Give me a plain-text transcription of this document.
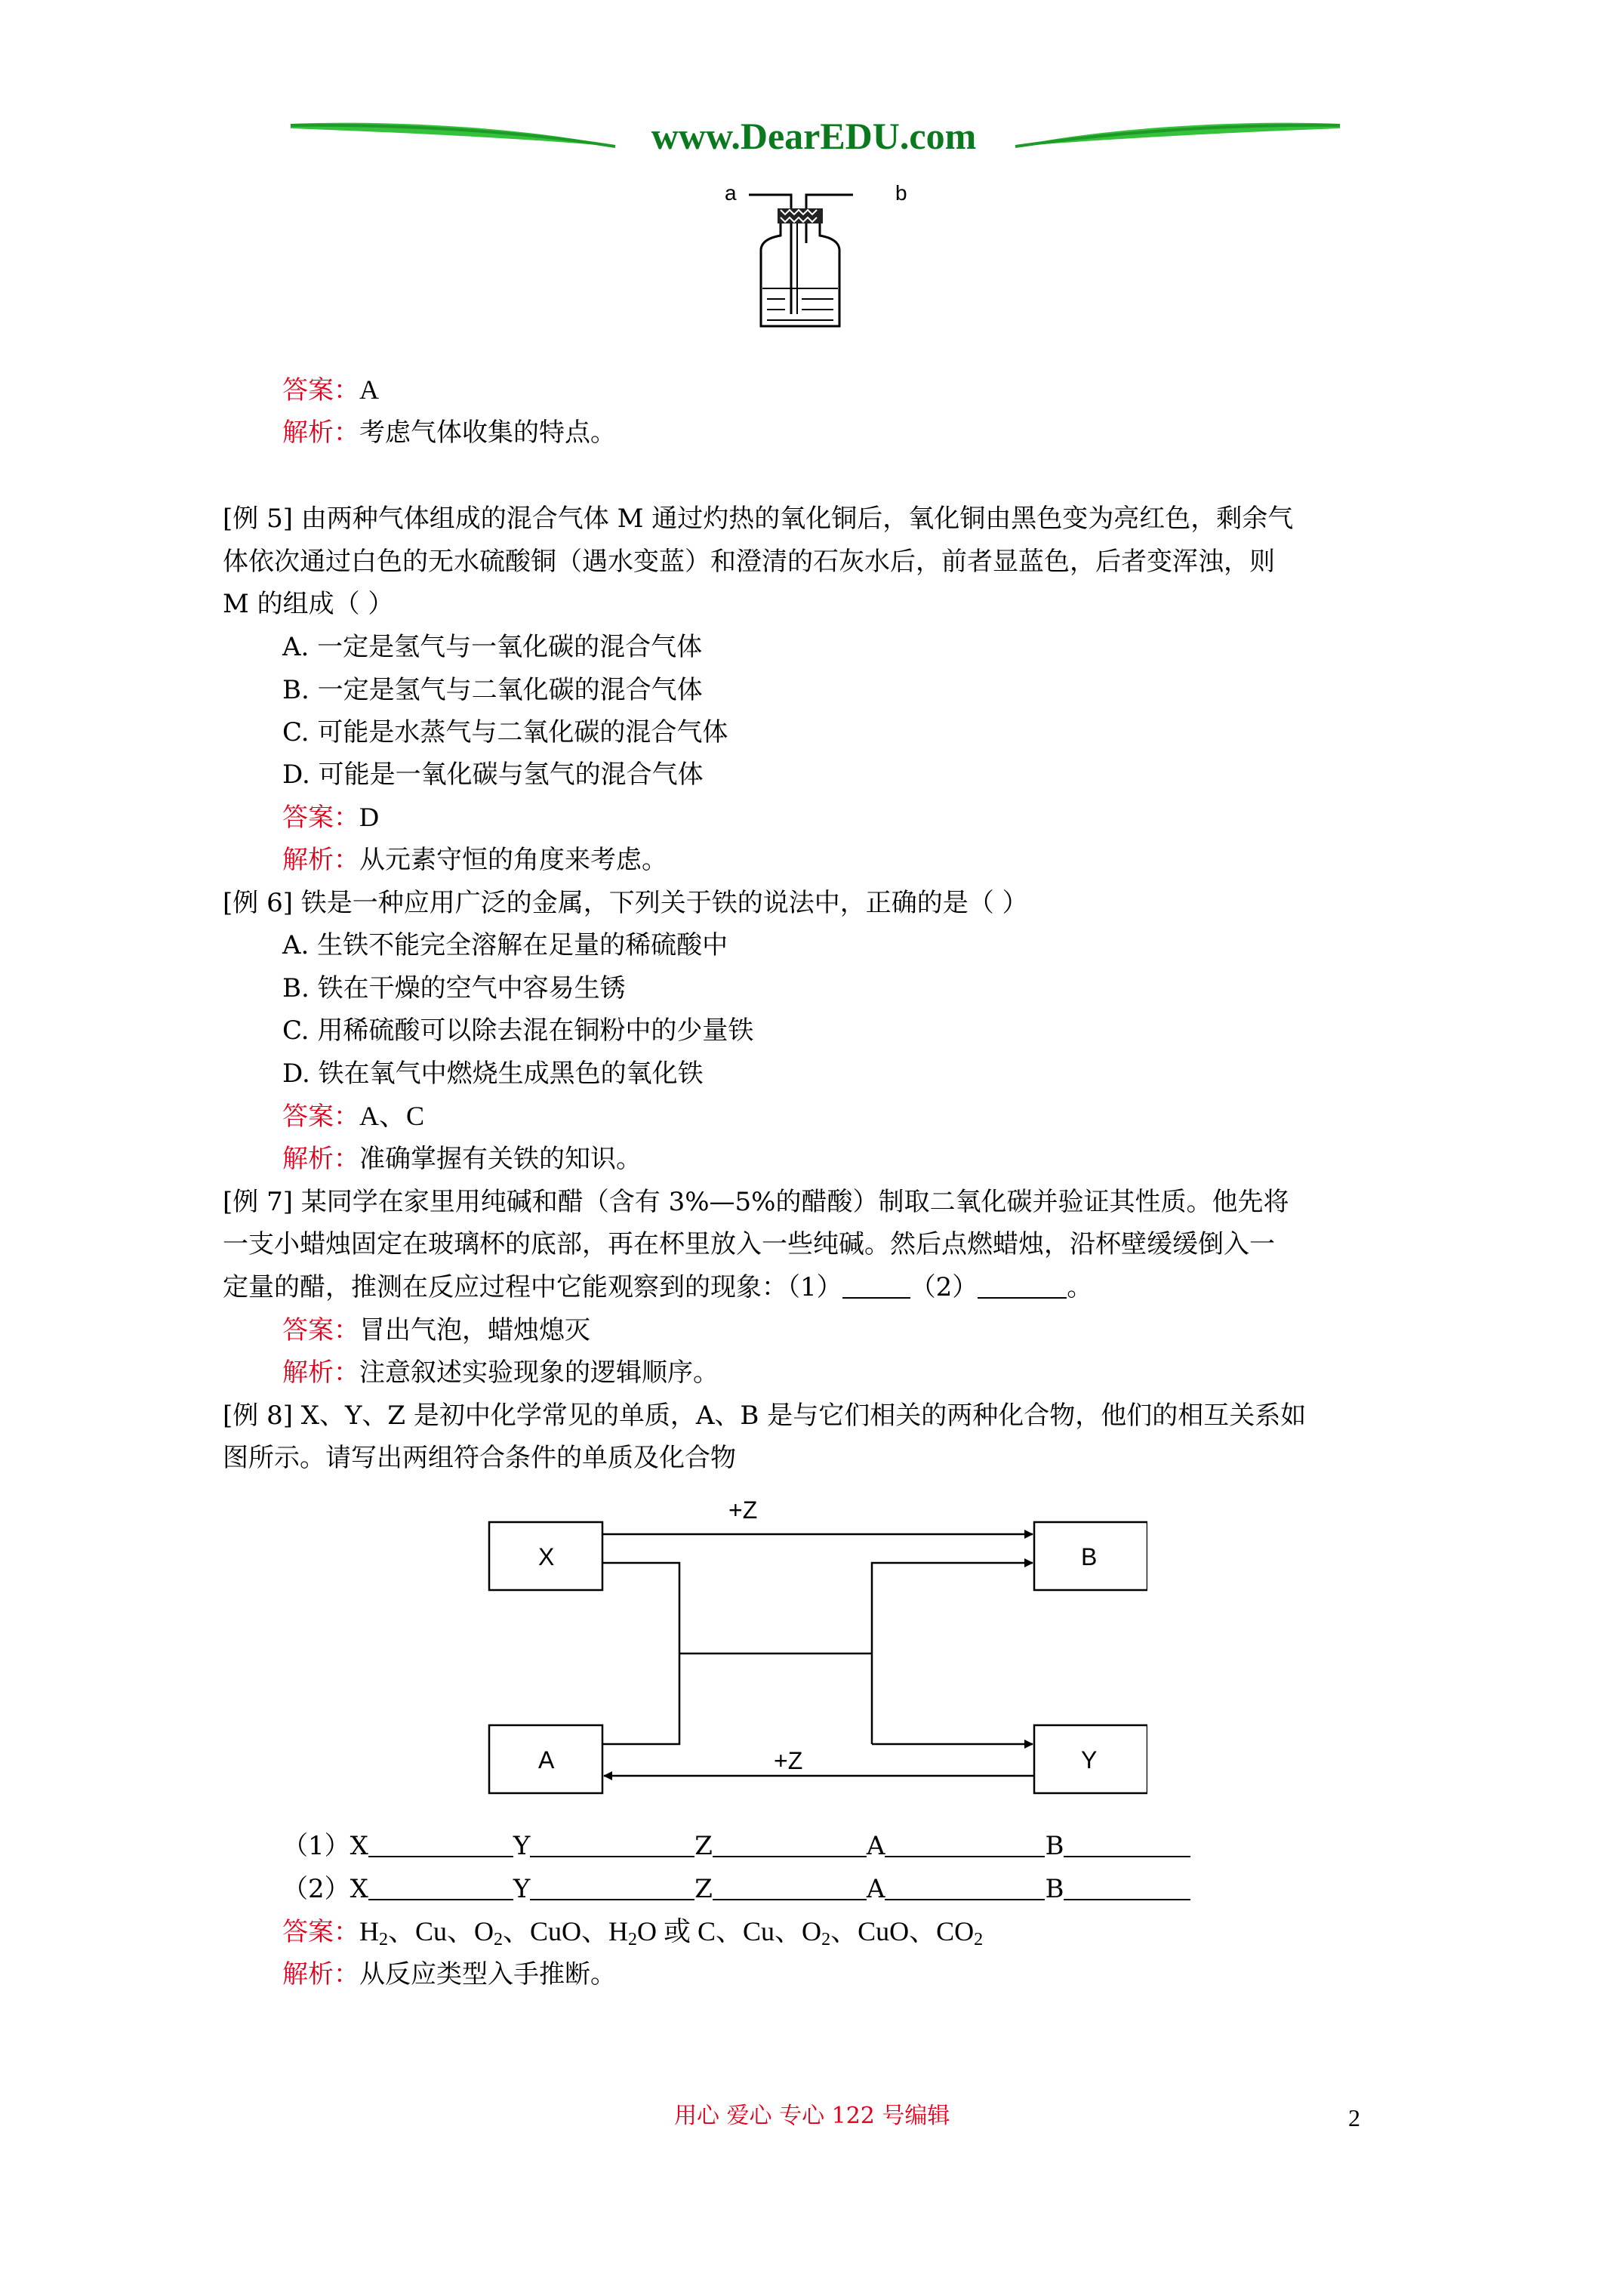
www.DearEDU.com
a	b
答案：A
解析：考虑气体收集的特点。
[例 5] 由两种气体组成的混合气体 M 通过灼热的氧化铜后，氧化铜由黑色变为亮红色，剩余气
体依次通过白色的无水硫酸铜（遇水变蓝）和澄清的石灰水后，前者显蓝色，后者变浑浊，则
M 的组成（ ）
A. 一定是氢气与一氧化碳的混合气体
B. 一定是氢气与二氧化碳的混合气体
C. 可能是水蒸气与二氧化碳的混合气体
D. 可能是一氧化碳与氢气的混合气体
答案：D
解析：从元素守恒的角度来考虑。
[例 6] 铁是一种应用广泛的金属，下列关于铁的说法中，正确的是（ ）
A. 生铁不能完全溶解在足量的稀硫酸中
B. 铁在干燥的空气中容易生锈
C. 用稀硫酸可以除去混在铜粉中的少量铁
D. 铁在氧气中燃烧生成黑色的氧化铁
答案：A、C
解析：准确掌握有关铁的知识。
[例 7] 某同学在家里用纯碱和醋（含有 3%—5%的醋酸）制取二氧化碳并验证其性质。他先将
一支小蜡烛固定在玻璃杯的底部，再在杯里放入一些纯碱。然后点燃蜡烛，沿杯壁缓缓倒入一
定量的醋，推测在反应过程中它能观察到的现象：（1）	（2）	。
答案：冒出气泡，蜡烛熄灭
解析：注意叙述实验现象的逻辑顺序。
[例 8] X、Y、Z 是初中化学常见的单质，A、B 是与它们相关的两种化合物，他们的相互关系如
图所示。请写出两组符合条件的单质及化合物
X	B
A	Y
+Z
+Z
（1）X	Y	Z	A	B
（2）X	Y	Z	A	B
答案：$H_2$、Cu、$O_2$、CuO、$H_2O$ 或 C、Cu、$O_2$、CuO、$CO_2$
解析：从反应类型入手推断。
用心 爱心 专心 122 号编辑	2
